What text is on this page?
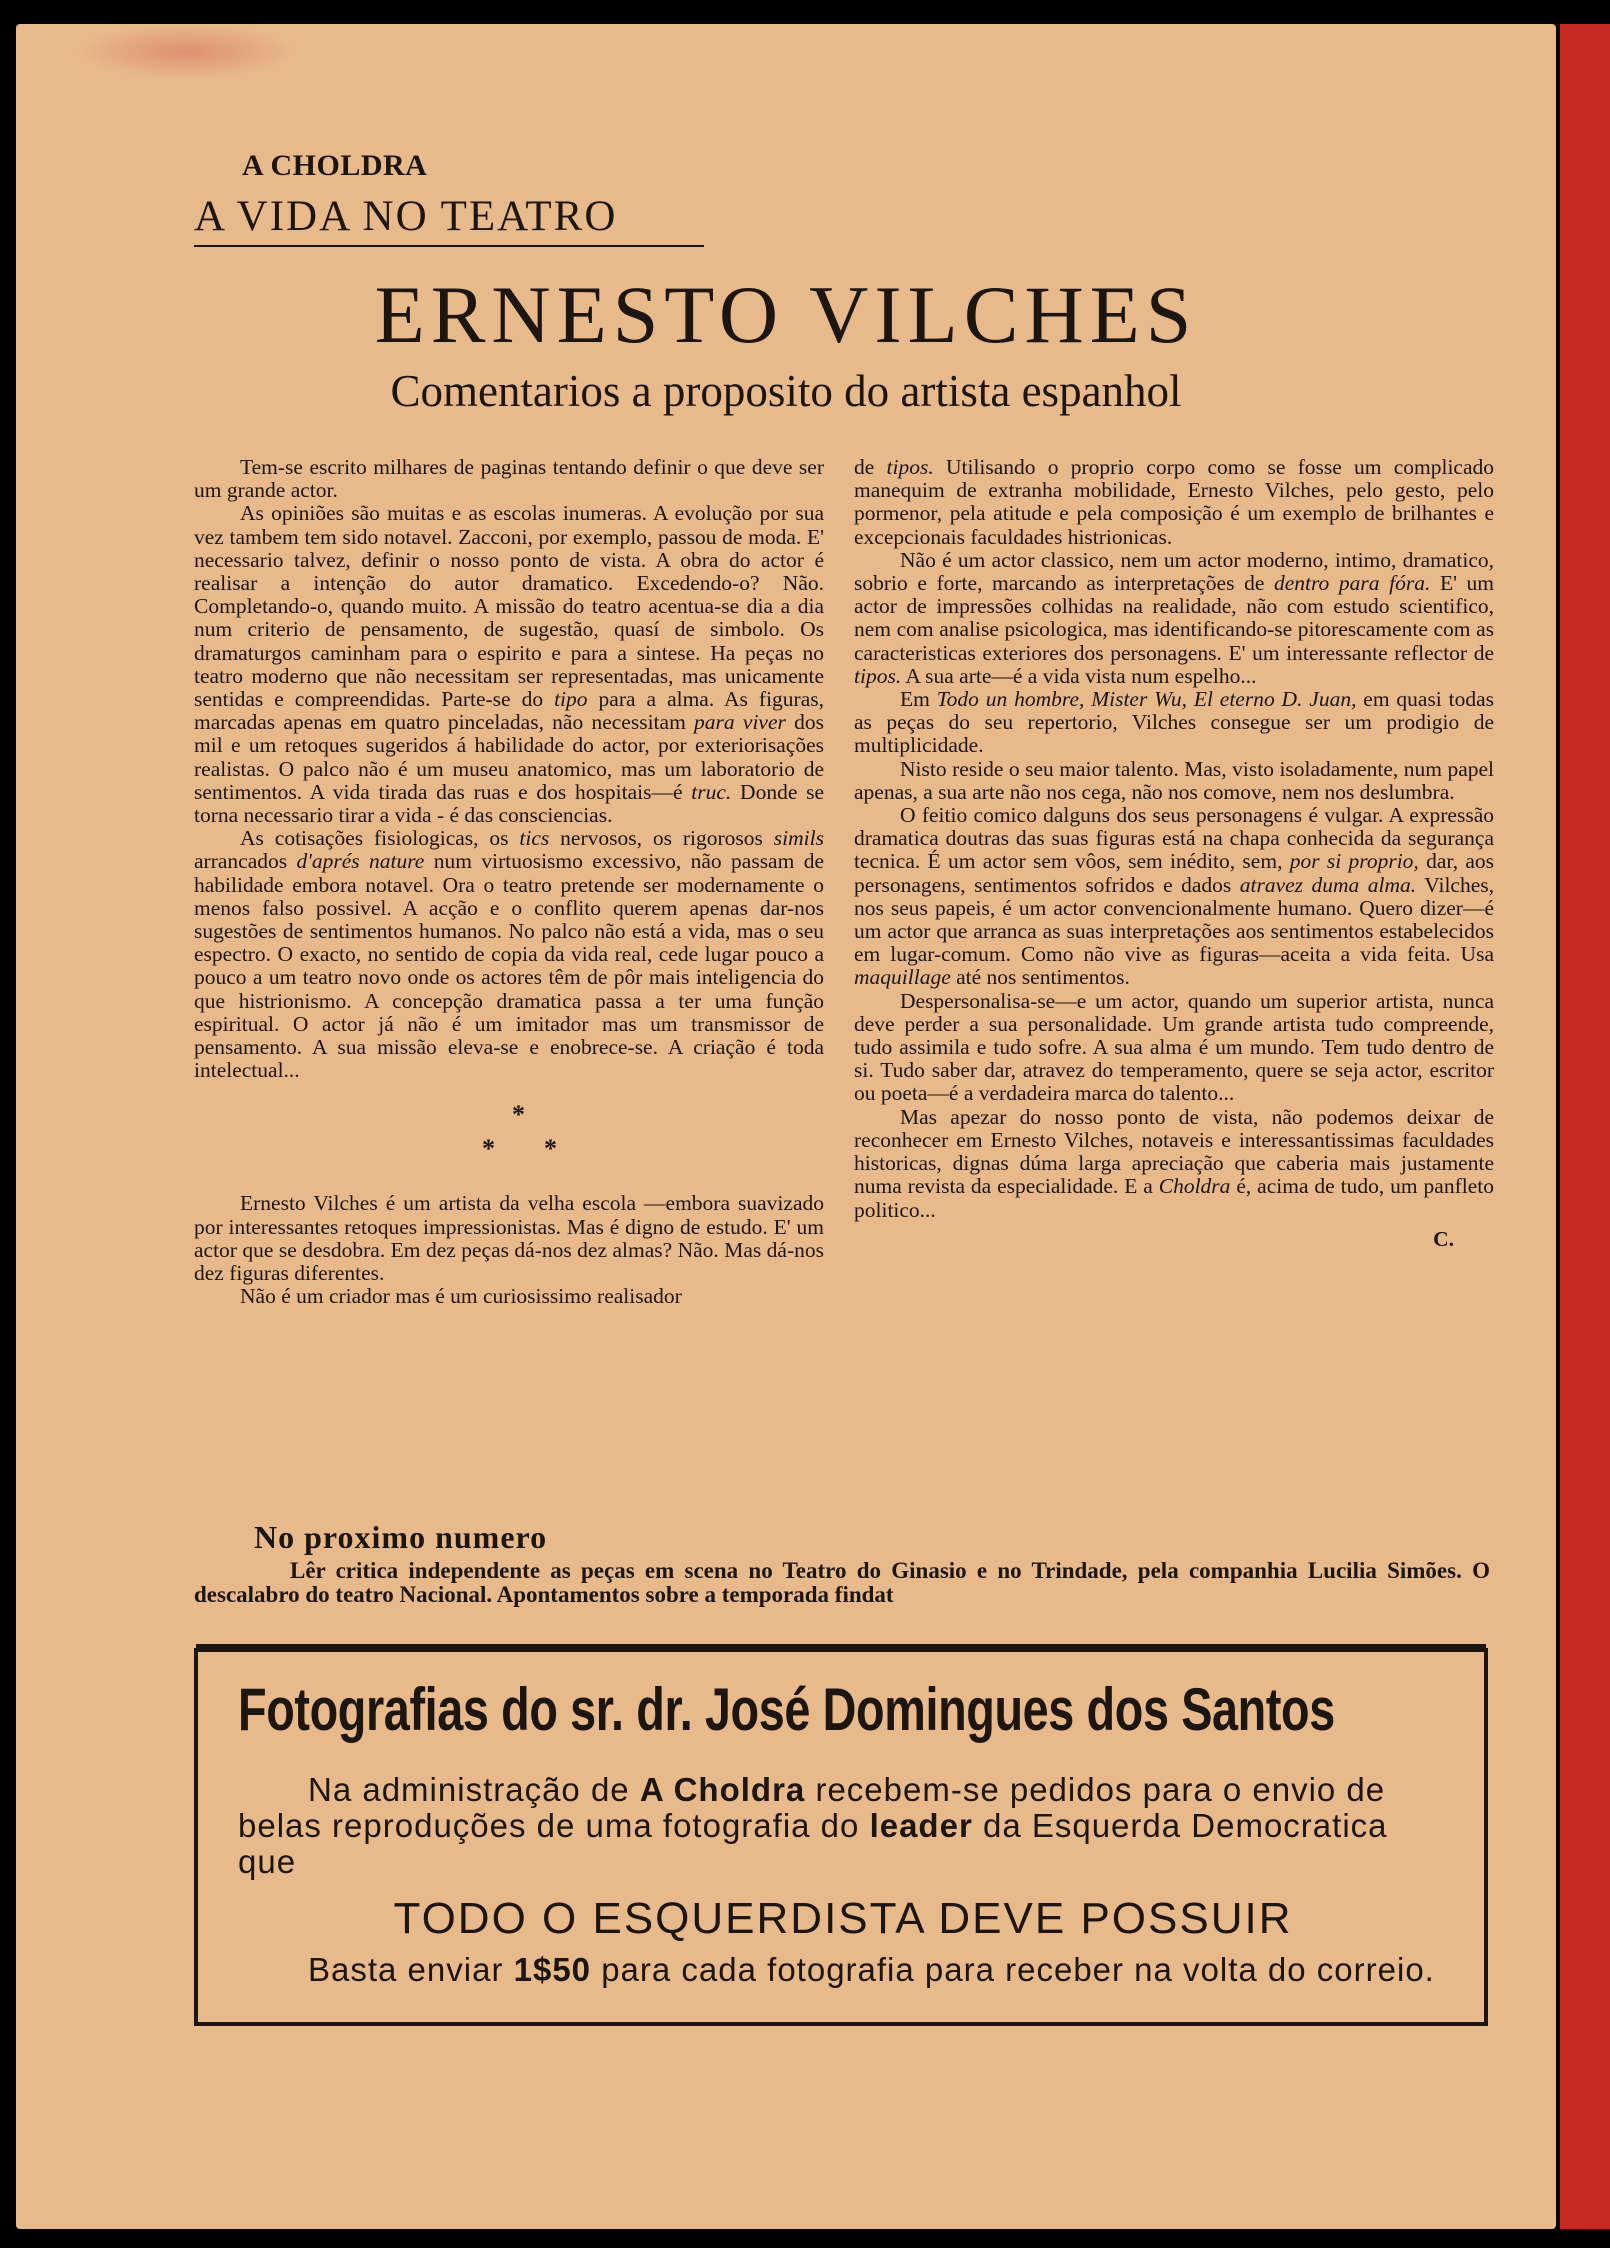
A CHOLDRA
A VIDA NO TEATRO
ERNESTO VILCHES
Comentarios a proposito do artista espanhol

Tem-se escrito milhares de paginas tentando definir o que deve ser um grande actor.

As opiniões são muitas e as escolas inumeras. A evolução por sua vez tambem tem sido notavel. Zacconi, por exemplo, passou de moda. E' necessario talvez, definir o nosso ponto de vista. A obra do actor é realisar a intenção do autor dramatico. Excedendo-o? Não. Completando-o, quando muito. A missão do teatro acentua-se dia a dia num criterio de pensamento, de sugestão, quasí de simbolo. Os dramaturgos caminham para o espirito e para a sintese. Ha peças no teatro moderno que não necessitam ser representadas, mas unicamente sentidas e compreendidas. Parte-se do tipo para a alma. As figuras, marcadas apenas em quatro pinceladas, não necessitam para viver dos mil e um retoques sugeridos á habilidade do actor, por exteriorisações realistas. O palco não é um museu anatomico, mas um laboratorio de sentimentos. A vida tirada das ruas e dos hospitais—é truc. Donde se torna necessario tirar a vida - é das consciencias.

As cotisações fisiologicas, os tics nervosos, os rigorosos simils arrancados d'aprés nature num virtuosismo excessivo, não passam de habilidade embora notavel. Ora o teatro pretende ser modernamente o menos falso possivel. A acção e o conflito querem apenas dar-nos sugestões de sentimentos humanos. No palco não está a vida, mas o seu espectro. O exacto, no sentido de copia da vida real, cede lugar pouco a pouco a um teatro novo onde os actores têm de pôr mais inteligencia do que histrionismo. A concepção dramatica passa a ter uma função espiritual. O actor já não é um imitador mas um transmissor de pensamento. A sua missão eleva-se e enobrece-se. A criação é toda intelectual...

*
* *

Ernesto Vilches é um artista da velha escola —embora suavizado por interessantes retoques impressionistas. Mas é digno de estudo. E' um actor que se desdobra. Em dez peças dá-nos dez almas? Não. Mas dá-nos dez figuras diferentes.

Não é um criador mas é um curiosissimo realisador

de tipos. Utilisando o proprio corpo como se fosse um complicado manequim de extranha mobilidade, Ernesto Vilches, pelo gesto, pelo pormenor, pela atitude e pela composição é um exemplo de brilhantes e excepcionais faculdades histrionicas.

Não é um actor classico, nem um actor moderno, intimo, dramatico, sobrio e forte, marcando as interpretações de dentro para fóra. E' um actor de impressões colhidas na realidade, não com estudo scientifico, nem com analise psicologica, mas identificando-se pitorescamente com as caracteristicas exteriores dos personagens. E' um interessante reflector de tipos. A sua arte—é a vida vista num espelho...

Em Todo un hombre, Mister Wu, El eterno D. Juan, em quasi todas as peças do seu repertorio, Vilches consegue ser um prodigio de multiplicidade.

Nisto reside o seu maior talento. Mas, visto isoladamente, num papel apenas, a sua arte não nos cega, não nos comove, nem nos deslumbra.

O feitio comico dalguns dos seus personagens é vulgar. A expressão dramatica doutras das suas figuras está na chapa conhecida da segurança tecnica. É um actor sem vôos, sem inédito, sem, por si proprio, dar, aos personagens, sentimentos sofridos e dados atravez duma alma. Vilches, nos seus papeis, é um actor convencionalmente humano. Quero dizer—é um actor que arranca as suas interpretações aos sentimentos estabelecidos em lugar-comum. Como não vive as figuras—aceita a vida feita. Usa maquillage até nos sentimentos.

Despersonalisa-se—e um actor, quando um superior artista, nunca deve perder a sua personalidade. Um grande artista tudo compreende, tudo assimila e tudo sofre. A sua alma é um mundo. Tem tudo dentro de si. Tudo saber dar, atravez do temperamento, quere se seja actor, escritor ou poeta—é a verdadeira marca do talento...

Mas apezar do nosso ponto de vista, não podemos deixar de reconhecer em Ernesto Vilches, notaveis e interessantissimas faculdades historicas, dignas dúma larga apreciação que caberia mais justamente numa revista da especialidade. E a Choldra é, acima de tudo, um panfleto politico...

C.
No proximo numero
Lêr critica independente as peças em scena no Teatro do Ginasio e no Trindade, pela companhia Lucilia Simões. O descalabro do teatro Nacional. Apontamentos sobre a temporada findat
Fotografias do sr. dr. José Domingues dos Santos
Na administração de A Choldra recebem-se pedidos para o envio de belas reproduções de uma fotografia do leader da Esquerda Democratica que
TODO O ESQUERDISTA DEVE POSSUIR
Basta enviar 1$50 para cada fotografia para receber na volta do correio.
